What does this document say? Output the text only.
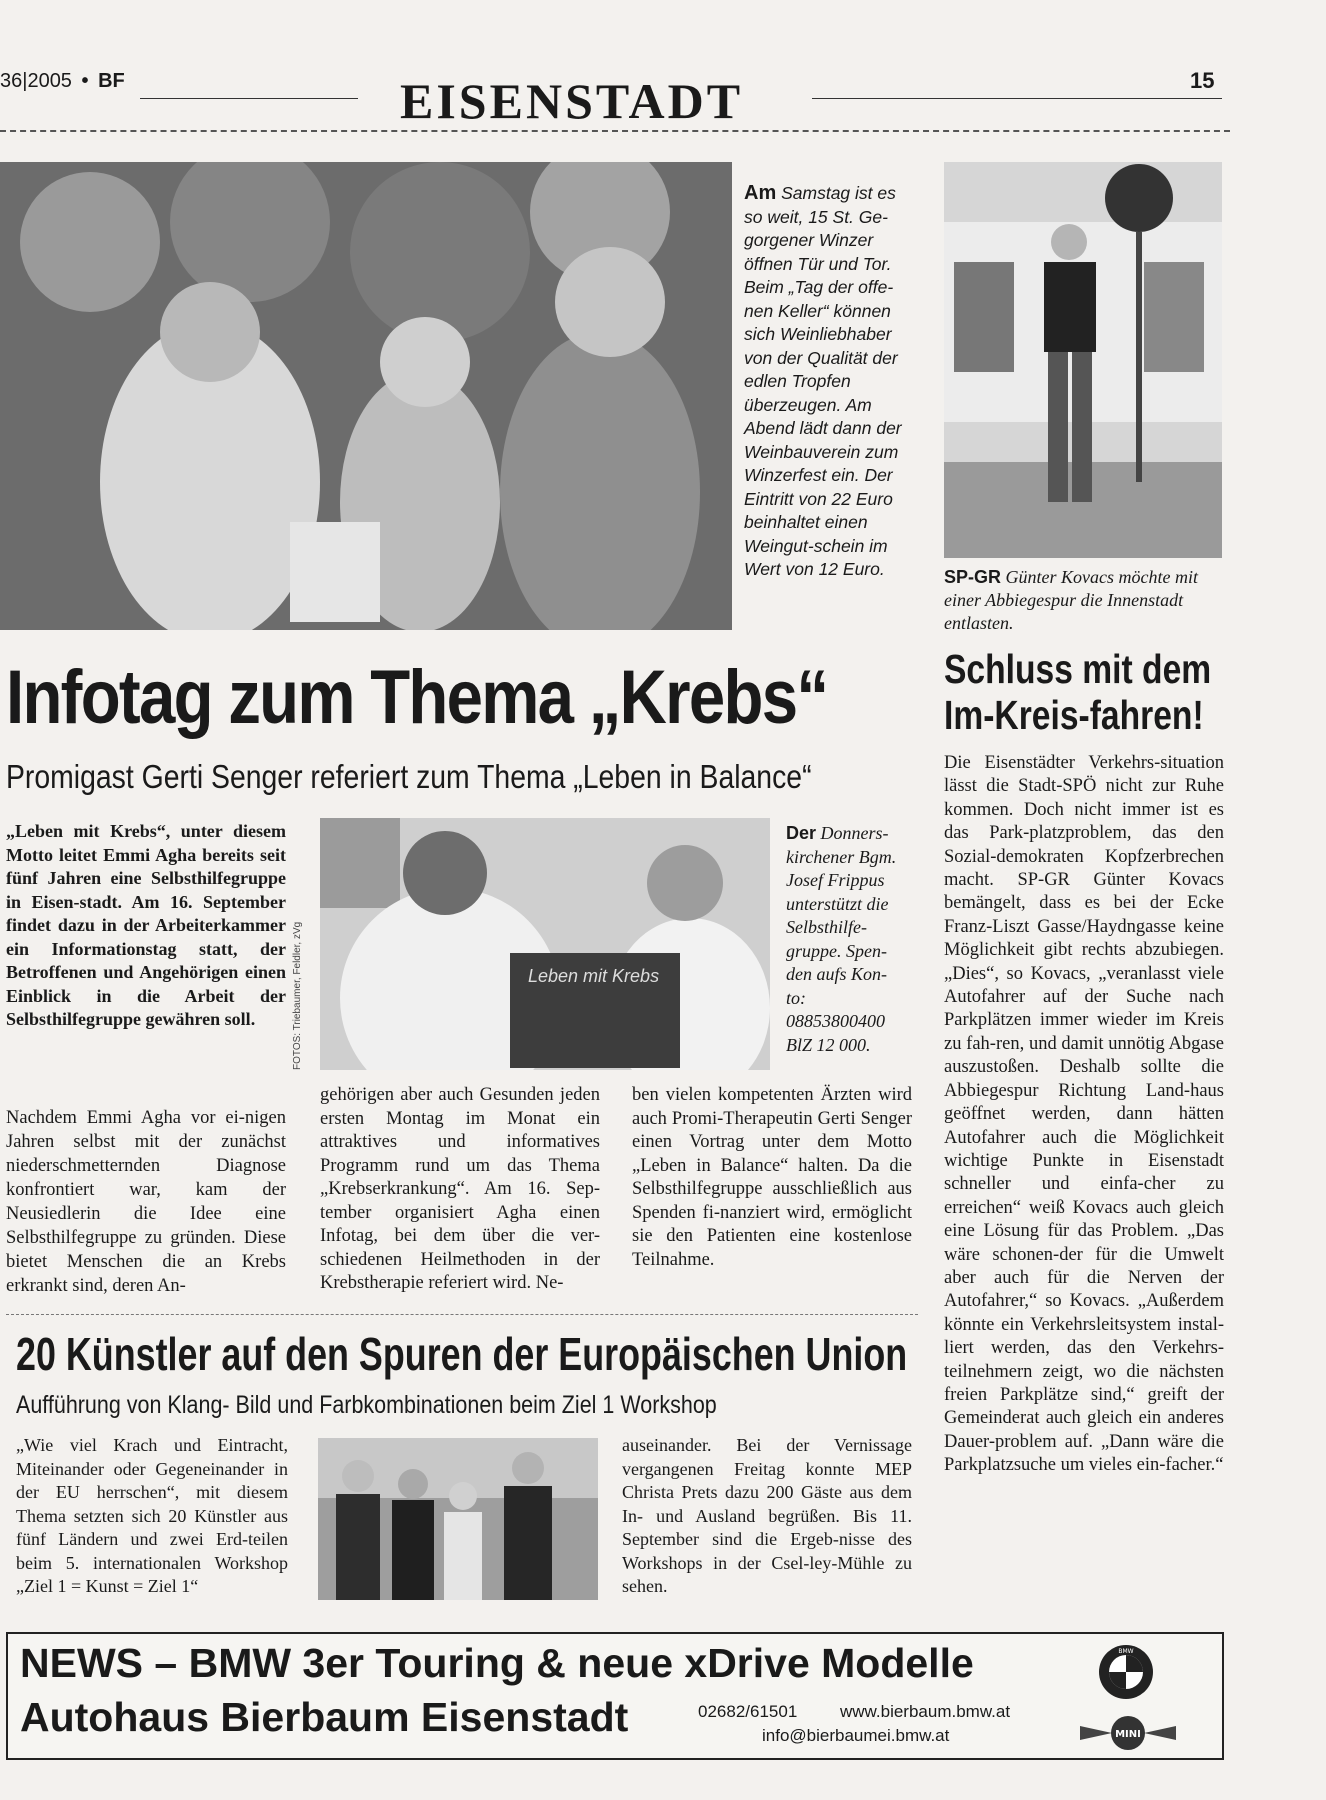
36|2005 • BF	EISENSTADT	15
Am Samstag ist es so weit, 15 St. Ge-gorgener Winzer öffnen Tür und Tor. Beim „Tag der offe-nen Keller“ können sich Weinliebhaber von der Qualität der edlen Tropfen überzeugen. Am Abend lädt dann der Weinbauverein zum Winzerfest ein. Der Eintritt von 22 Euro beinhaltet einen Weingut-schein im Wert von 12 Euro.	SP-GR Günter Kovacs möchte mit einer Abbiegespur die Innenstadt entlasten.
Infotag zum Thema „Krebs“
Promigast Gerti Senger referiert zum Thema „Leben in Balance“
„Leben mit Krebs“, unter diesem Motto leitet Emmi Agha bereits seit fünf Jahren eine Selbsthilfegruppe in Eisen-stadt. Am 16. September findet dazu in der Arbeiterkammer ein Informationstag statt, der Betroffenen und Angehörigen einen Einblick in die Arbeit der Selbsthilfegruppe gewähren soll.
Nachdem Emmi Agha vor ei-nigen Jahren selbst mit der zunächst niederschmetternden Diagnose konfrontiert war, kam der Neusiedlerin die Idee eine Selbsthilfegruppe zu gründen. Diese bietet Menschen die an Krebs erkrankt sind, deren An-
Leben mit Krebs
FOTOS: Triebaumer, Feldler, zVg
Der Donners-kirchener Bgm. Josef Frippus unterstützt die Selbsthilfe-gruppe. Spen-den aufs Kon-to: 08853800400 BlZ 12 000.
gehörigen aber auch Gesunden jeden ersten Montag im Monat ein attraktives und informatives Programm rund um das Thema „Krebserkrankung“. Am 16. Sep-tember organisiert Agha einen Infotag, bei dem über die ver-schiedenen Heilmethoden in der Krebstherapie referiert wird. Ne-
ben vielen kompetenten Ärzten wird auch Promi-Therapeutin Gerti Senger einen Vortrag unter dem Motto „Leben in Balance“ halten. Da die Selbsthilfegruppe ausschließlich aus Spenden fi-nanziert wird, ermöglicht sie den Patienten eine kostenlose Teilnahme.
Schluss mit dem
Im-Kreis-fahren!
Die Eisenstädter Verkehrs-situation lässt die Stadt-SPÖ nicht zur Ruhe kommen. Doch nicht immer ist es das Park-platzproblem, das den Sozial-demokraten Kopfzerbrechen macht. SP-GR Günter Kovacs bemängelt, dass es bei der Ecke Franz-Liszt Gasse/Haydngasse keine Möglichkeit gibt rechts abzubiegen. „Dies“, so Kovacs, „veranlasst viele Autofahrer auf der Suche nach Parkplätzen immer wieder im Kreis zu fah-ren, und damit unnötig Abgase auszustoßen. Deshalb sollte die Abbiegespur Richtung Land-haus geöffnet werden, dann hätten Autofahrer auch die Möglichkeit wichtige Punkte in Eisenstadt schneller und einfa-cher zu erreichen“ weiß Kovacs auch gleich eine Lösung für das Problem. „Das wäre schonen-der für die Umwelt aber auch für die Nerven der Autofahrer,“ so Kovacs. „Außerdem könnte ein Verkehrsleitsystem instal-liert werden, das den Verkehrs-teilnehmern zeigt, wo die nächsten freien Parkplätze sind,“ greift der Gemeinderat auch gleich ein anderes Dauer-problem auf. „Dann wäre die Parkplatzsuche um vieles ein-facher.“
20 Künstler auf den Spuren der Europäischen Union
Aufführung von Klang- Bild und Farbkombinationen beim Ziel 1 Workshop
„Wie viel Krach und Eintracht, Miteinander oder Gegeneinander in der EU herrschen“, mit diesem Thema setzten sich 20 Künstler aus fünf Ländern und zwei Erd-teilen beim 5. internationalen Workshop „Ziel 1 = Kunst = Ziel 1“
auseinander. Bei der Vernissage vergangenen Freitag konnte MEP Christa Prets dazu 200 Gäste aus dem In- und Ausland begrüßen. Bis 11. September sind die Ergeb-nisse des Workshops in der Csel-ley-Mühle zu sehen.
NEWS – BMW 3er Touring & neue xDrive Modelle
Autohaus Bierbaum Eisenstadt	02682/61501	www.bierbaum.bmw.at
info@bierbaumei.bmw.at
BMW
MINI
